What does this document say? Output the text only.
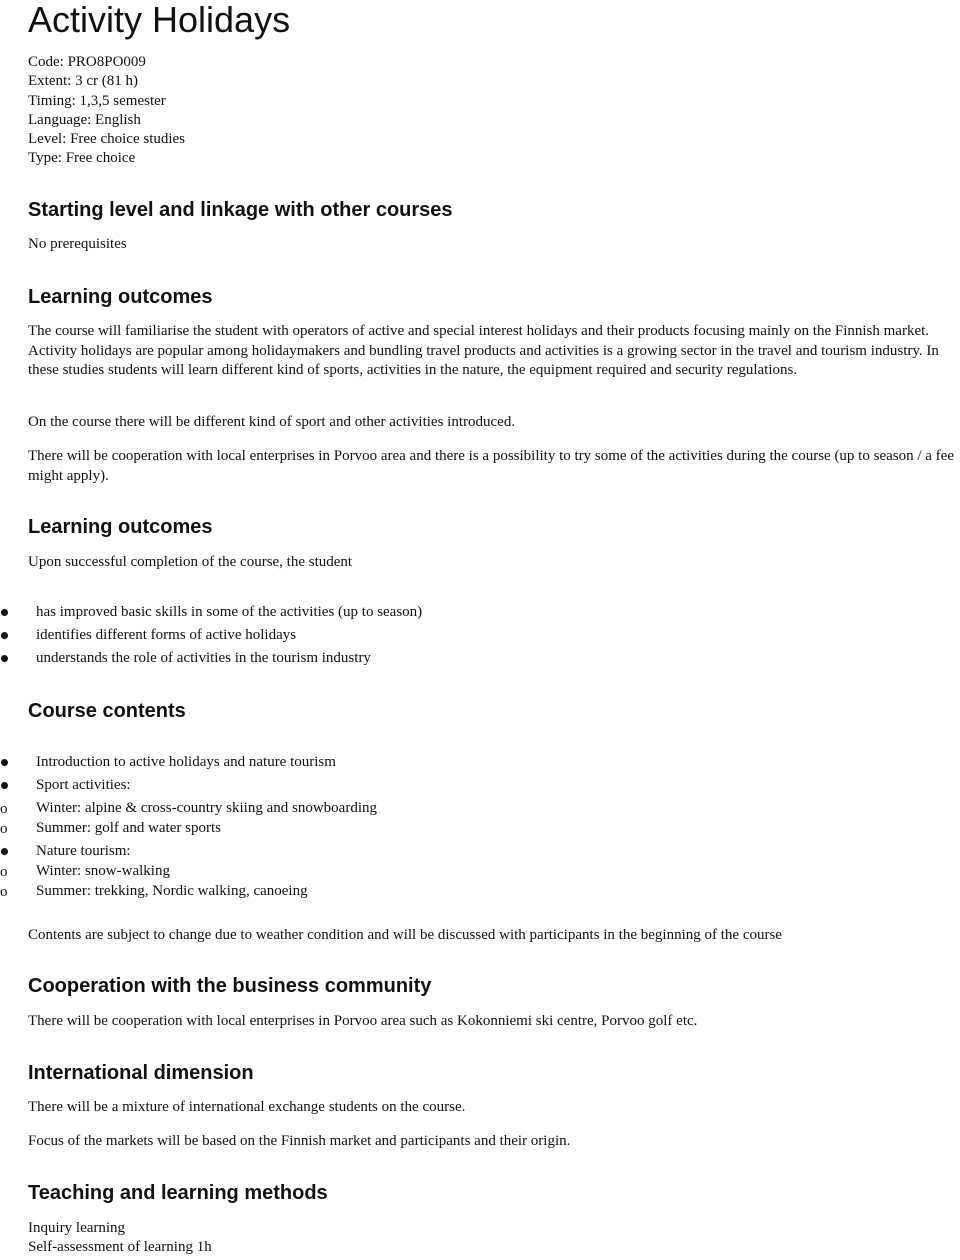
Activity Holidays
Code: PRO8PO009
Extent: 3 cr (81 h)
Timing: 1,3,5 semester
Language: English
Level: Free choice studies
Type: Free choice
Starting level and linkage with other courses

No prerequisites

Learning outcomes

The course will familiarise the student with operators of active and special interest holidays and their products focusing mainly on the Finnish market. Activity holidays are popular among holidaymakers and bundling travel products and activities is a growing sector in the travel and tourism industry. In these studies students will learn different kind of sports, activities in the nature, the equipment required and security regulations.

On the course there will be different kind of sport and other activities introduced.

There will be cooperation with local enterprises in Porvoo area and there is a possibility to try some of the activities during the course (up to season / a fee might apply).

Learning outcomes

Upon successful completion of the course, the student

has improved basic skills in some of the activities (up to season)
identifies different forms of active holidays
understands the role of activities in the tourism industry
Course contents
Introduction to active holidays and nature tourism
Sport activities:
o Winter: alpine & cross-country skiing and snowboarding
o Summer: golf and water sports
Nature tourism:
o Winter: snow-walking
o Summer: trekking, Nordic walking, canoeing

Contents are subject to change due to weather condition and will be discussed with participants in the beginning of the course

Cooperation with the business community

There will be cooperation with local enterprises in Porvoo area such as Kokonniemi ski centre, Porvoo golf etc.

International dimension

There will be a mixture of international exchange students on the course.

Focus of the markets will be based on the Finnish market and participants and their origin.

Teaching and learning methods
Inquiry learning
Self-assessment of learning 1h
